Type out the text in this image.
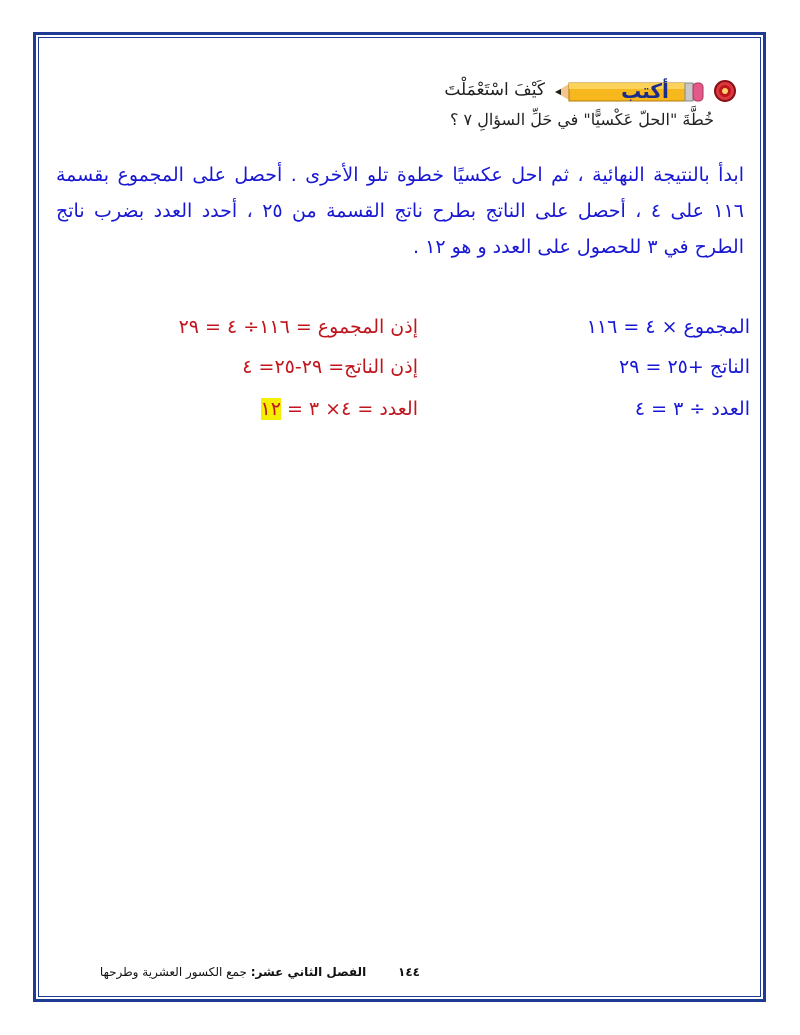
أكتب
كَيْفَ اسْتَعْمَلْتَ
خُطَّةَ "الحلّ عَكْسيًّا" في حَلِّ السؤالِ ٧ ؟
ابدأ بالنتيجة النهائية ، ثم احل عكسيًا خطوة تلو الأخرى . أحصل على المجموع بقسمة ١١٦ على ٤ ، أحصل على الناتج بطرح ناتج القسمة من ٢٥ ، أحدد العدد بضرب ناتج الطرح في ٣ للحصول على العدد و هو ١٢ .
المجموع × ٤ = ١١٦
الناتج +٢٥ = ٢٩
العدد ÷ ٣ = ٤
إذن المجموع = ١١٦÷ ٤ = ٢٩
إذن الناتج= ٢٩-٢٥= ٤
العدد = ٤× ٣ = ١٢
١٤٤ الفصل الثاني عشر: جمع الكسور العشرية وطرحها
